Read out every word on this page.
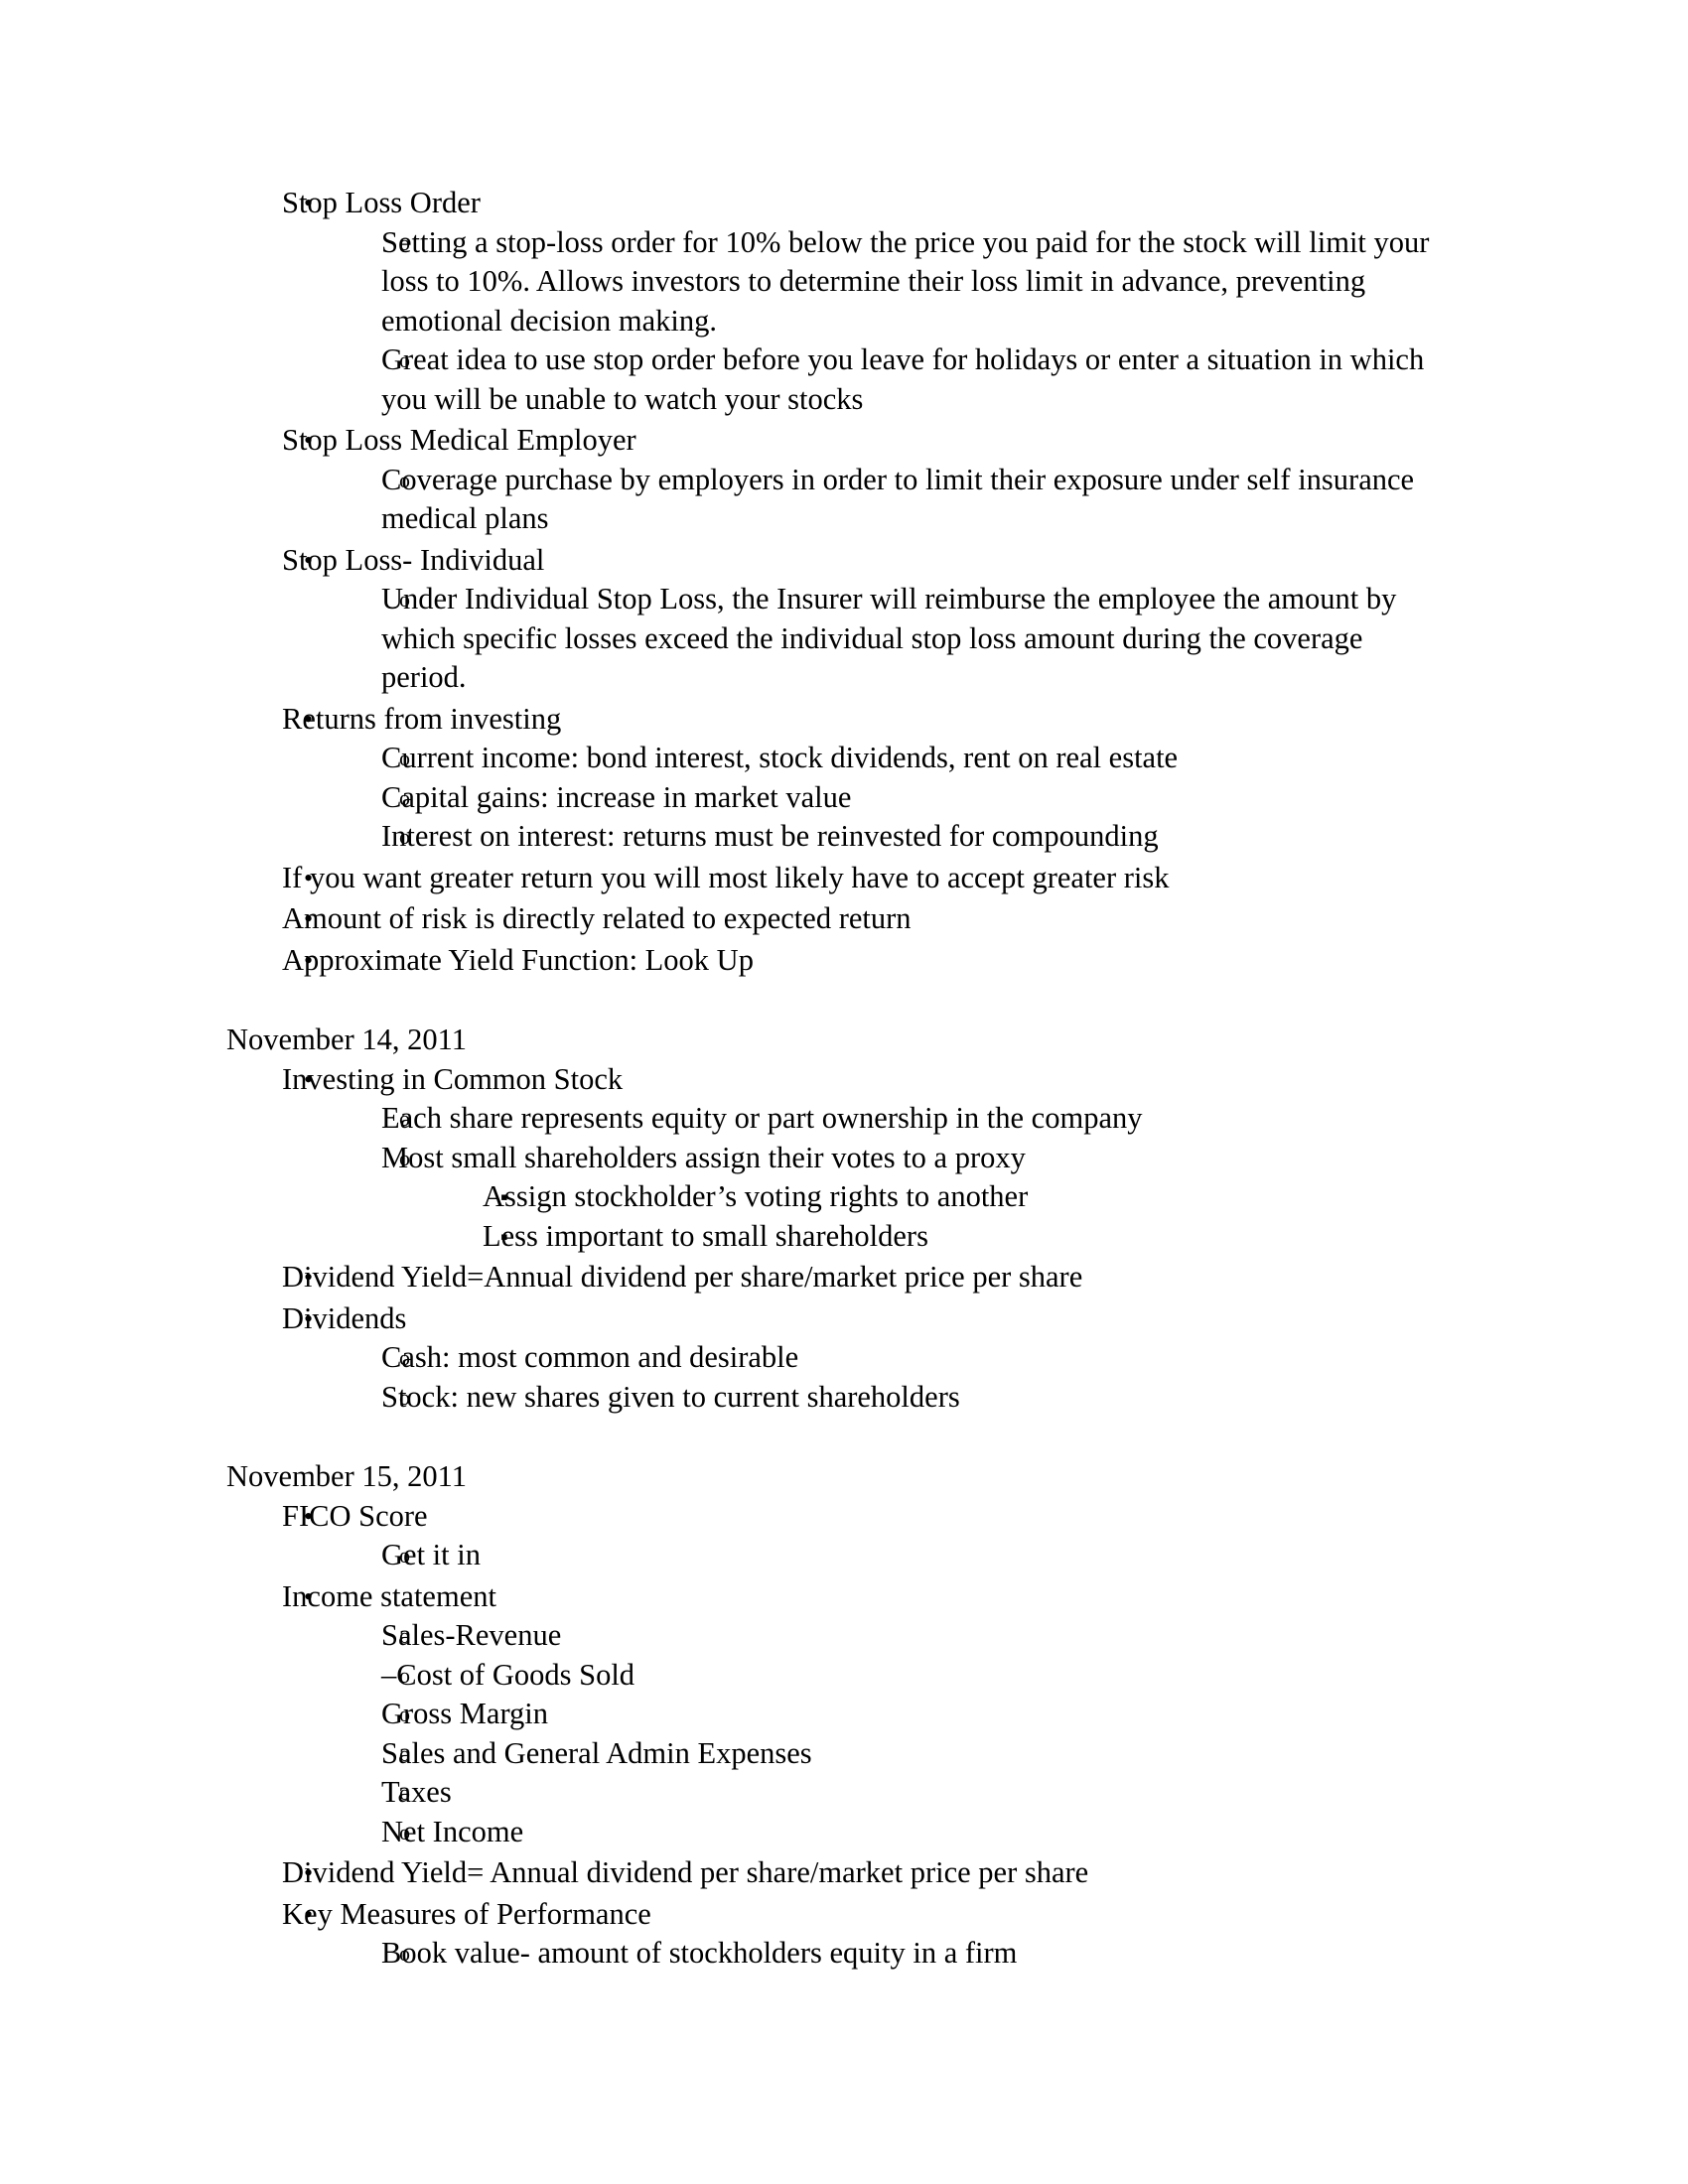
• Stop Loss Order
o Setting a stop-loss order for 10% below the price you paid for the stock will limit your loss to 10%. Allows investors to determine their loss limit in advance, preventing emotional decision making.
o Great idea to use stop order before you leave for holidays or enter a situation in which you will be unable to watch your stocks
• Stop Loss Medical Employer
o Coverage purchase by employers in order to limit their exposure under self insurance medical plans
• Stop Loss- Individual
o Under Individual Stop Loss, the Insurer will reimburse the employee the amount by which specific losses exceed the individual stop loss amount during the coverage period.
• Returns from investing
o Current income: bond interest, stock dividends, rent on real estate
o Capital gains: increase in market value
o Interest on interest: returns must be reinvested for compounding
• If you want greater return you will most likely have to accept greater risk
• Amount of risk is directly related to expected return
• Approximate Yield Function: Look Up
November 14, 2011
• Investing in Common Stock
o Each share represents equity or part ownership in the company
o Most small shareholders assign their votes to a proxy
▪ Assign stockholder’s voting rights to another
▪ Less important to small shareholders
• Dividend Yield=Annual dividend per share/market price per share
• Dividends
o Cash: most common and desirable
o Stock: new shares given to current shareholders
November 15, 2011
• FICO Score
o Get it in
• Income statement
o Sales-Revenue
o –Cost of Goods Sold
o Gross Margin
o Sales and General Admin Expenses
o Taxes
o Net Income
• Dividend Yield= Annual dividend per share/market price per share
• Key Measures of Performance
o Book value- amount of stockholders equity in a firm
